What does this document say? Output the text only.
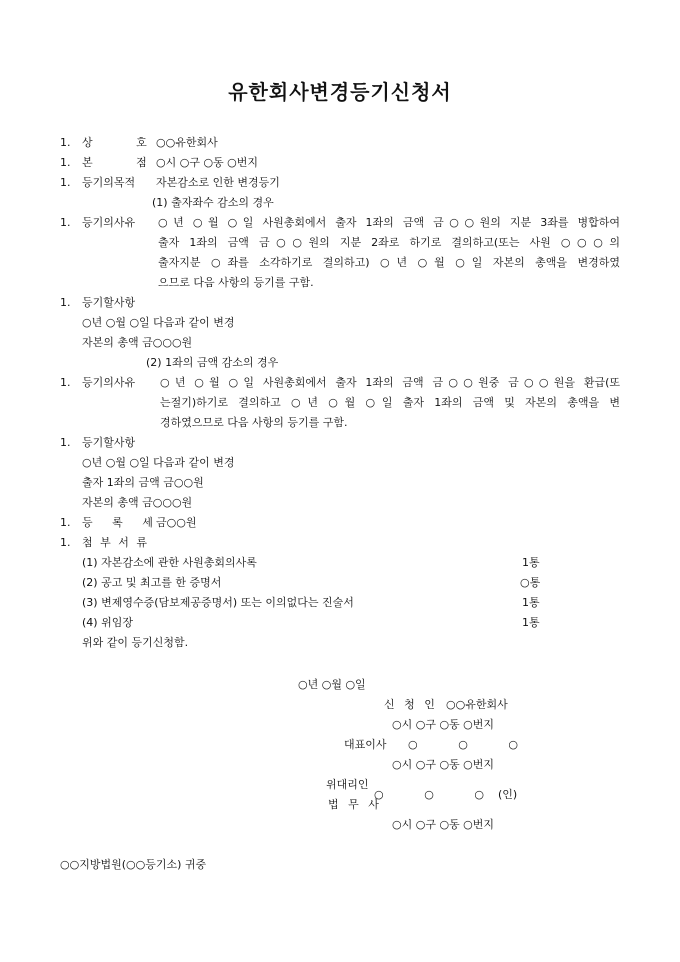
유한회사변경등기신청서
1. 상 호
○○유한회사
1. 본 점
○시 ○구 ○동 ○번지
1. 등기의목적 자본감소로 인한 변경등기
(1) 출자좌수 감소의 경우
1. 등기의사유 ○년 ○월 ○일 사원총회에서 출자 1좌의 금액 금○○원의 지분 3좌를 병합하여
출자 1좌의 금액 금○○원의 지분 2좌로 하기로 결의하고(또는 사원 ○○○의
출자지분 ○좌를 소각하기로 결의하고) ○년 ○월 ○일 자본의 총액을 변경하였
으므로 다음 사항의 등기를 구함.
1. 등기할사항
○년 ○월 ○일 다음과 같이 변경
자본의 총액 금○○○원
(2) 1좌의 금액 감소의 경우
1. 등기의사유 ○년 ○월 ○일 사원총회에서 출자 1좌의 금액 금○○원중 금○○원을 환급(또
는절기)하기로 결의하고 ○년 ○월 ○일 출자 1좌의 금액 및 자본의 총액을 변
경하였으므로 다음 사항의 등기를 구함.
1. 등기할사항
○년 ○월 ○일 다음과 같이 변경
출자 1좌의 금액 금○○원
자본의 총액 금○○○원
1. 등 록 세
금○○원
1. 첨 부 서 류
(1) 자본감소에 관한 사원총회의사록	1통
(2) 공고 및 최고를 한 증명서	○통
(3) 변제영수증(담보제공증명서) 또는 이의없다는 진술서	1통
(4) 위임장	1통
위와 같이 등기신청함.
○년 ○월 ○일
신 청 인 ○○유한회사
○시 ○구 ○동 ○번지
대표이사 ○	○	○
○시 ○구 ○동 ○번지
위대리인
법 무 사
○	○	○ (인)
○시 ○구 ○동 ○번지
○○지방법원(○○등기소) 귀중
